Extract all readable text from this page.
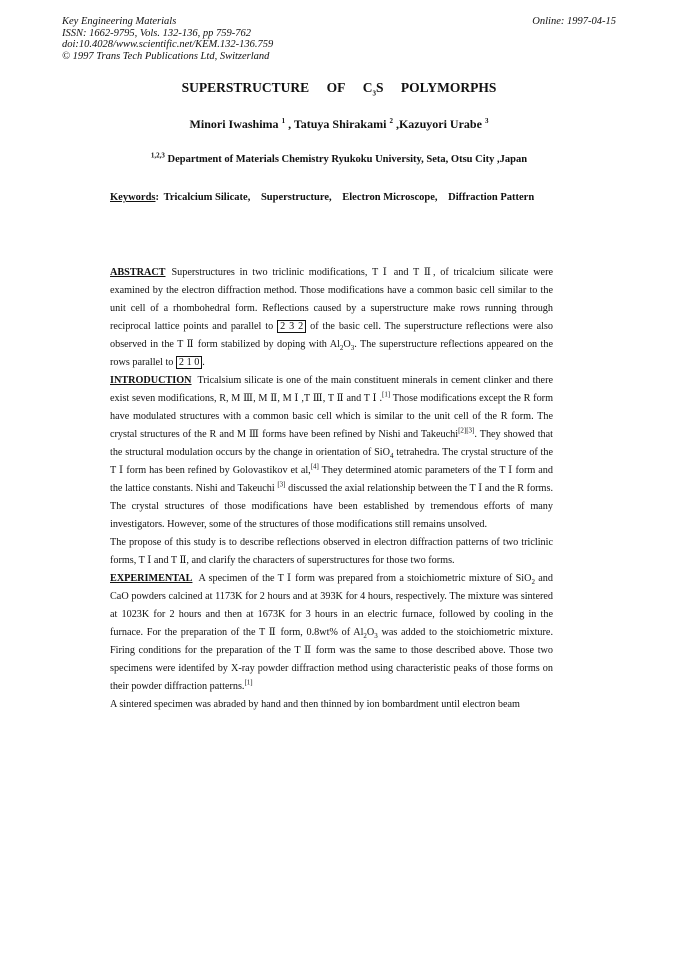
Key Engineering Materials
ISSN: 1662-9795, Vols. 132-136, pp 759-762
doi:10.4028/www.scientific.net/KEM.132-136.759
© 1997 Trans Tech Publications Ltd, Switzerland
Online: 1997-04-15
SUPERSTRUCTURE OF $C_3S$ POLYMORPHS
Minori Iwashima $^1$ , Tatuya Shirakami $^2$ ,Kazuyori Urabe $^3$
$^{1,2,3}$ Department of Materials Chemistry Ryukoku University, Seta, Otsu City ,Japan
Keywords: Tricalcium Silicate, Superstructure, Electron Microscope, Diffraction Pattern

ABSTRACT Superstructures in two triclinic modifications, T Ⅰ and T Ⅱ, of tricalcium silicate were examined by the electron diffraction method. Those modifications have a common basic cell similar to the unit cell of a rhombohedral form. Reflections caused by a superstructure make rows running through reciprocal lattice points and parallel to 2 3 2 of the basic cell. The superstructure reflections were also observed in the T Ⅱ form stabilized by doping with $Al_2O_3$. The superstructure reflections appeared on the rows parallel to 2 1 0 .

INTRODUCTION Tricalsium silicate is one of the main constituent minerals in cement clinker and there exist seven modifications, R, M Ⅲ, M Ⅱ, M Ⅰ ,T Ⅲ, T Ⅱ and T Ⅰ .[1] Those modifications except the R form have modulated structures with a common basic cell which is similar to the unit cell of the R form. The crystal structures of the R and M Ⅲ forms have been refined by Nishi and Takeuchi[2][3]. They showed that the structural modulation occurs by the change in orientation of SiO$_4$ tetrahedra. The crystal structure of the T Ⅰ form has been refined by Golovastikov et al,[4] They determined atomic parameters of the T Ⅰ form and the lattice constants. Nishi and Takeuchi [3] discussed the axial relationship between the T Ⅰ and the R forms. The crystal structures of those modifications have been established by tremendous efforts of many investigators. However, some of the structures of those modifications still remains unsolved.

The propose of this study is to describe reflections observed in electron diffraction patterns of two triclinic forms, T Ⅰ and T Ⅱ, and clarify the characters of superstructures for those two forms.

EXPERIMENTAL A specimen of the T Ⅰ form was prepared from a stoichiometric mixture of SiO$_2$ and CaO powders calcined at 1173K for 2 hours and at 393K for 4 hours, respectively. The mixture was sintered at 1023K for 2 hours and then at 1673K for 3 hours in an electric furnace, followed by cooling in the furnace. For the preparation of the T Ⅱ form, 0.8wt% of $Al_2O_3$ was added to the stoichiometric mixture. Firing conditions for the preparation of the T Ⅱ form was the same to those described above. Those two specimens were identifed by X-ray powder diffraction method using characteristic peaks of those forms on their powder diffraction patterns.[1]

A sintered specimen was abraded by hand and then thinned by ion bombardment until electron beam
